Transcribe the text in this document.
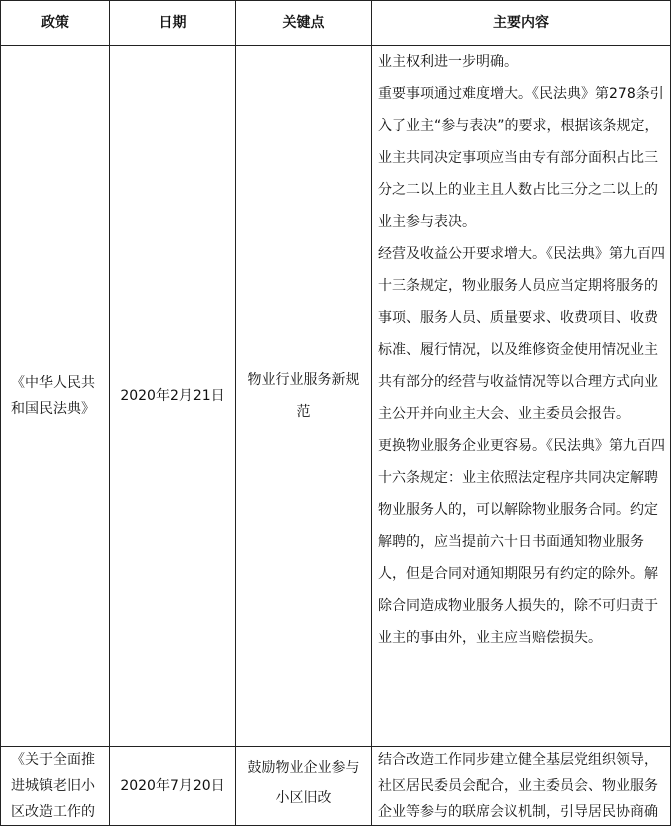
政策	日期	关键点	主要内容
《中华人民共和国民法典》	2020年2月21日	物业行业服务新规范	业主权利进一步明确。
重要事项通过难度增大。《民法典》第278条引入了业主“参与表决”的要求，根据该条规定，业主共同决定事项应当由专有部分面积占比三分之二以上的业主且人数占比三分之二以上的业主参与表决。
经营及收益公开要求增大。《民法典》第九百四十三条规定，物业服务人员应当定期将服务的事项、服务人员、质量要求、收费项目、收费标准、履行情况，以及维修资金使用情况业主共有部分的经营与收益情况等以合理方式向业主公开并向业主大会、业主委员会报告。
更换物业服务企业更容易。《民法典》第九百四十六条规定：业主依照法定程序共同决定解聘物业服务人的，可以解除物业服务合同。约定解聘的，应当提前六十日书面通知物业服务人，但是合同对通知期限另有约定的除外。解除合同造成物业服务人损失的，除不可归责于业主的事由外，业主应当赔偿损失。

《关于全面推进城镇老旧小区改造工作的	2020年7月20日	鼓励物业企业参与小区旧改	结合改造工作同步建立健全基层党组织领导，社区居民委员会配合，业主委员会、物业服务企业等参与的联席会议机制，引导居民协商确
